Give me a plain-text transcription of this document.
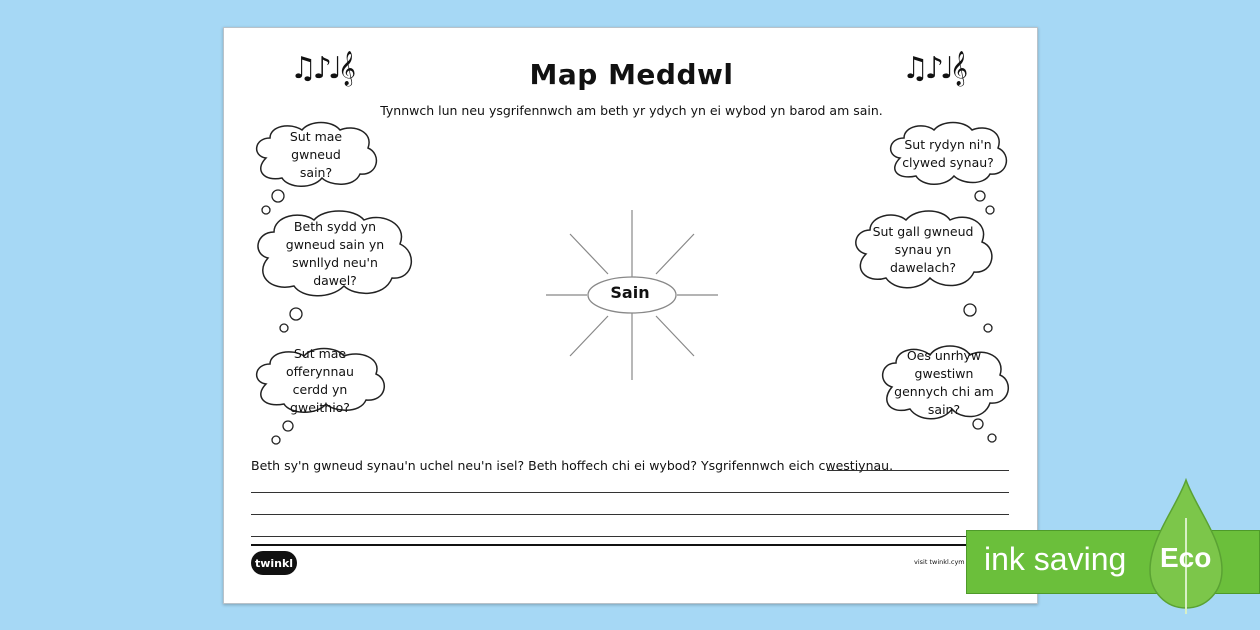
♫♪♩𝄞	♫♪♩𝄞
Map Meddwl
Tynnwch lun neu ysgrifennwch am beth yr ydych yn ei wybod yn barod am sain.
Sut mae gwneud sain?
Beth sydd yn gwneud sain yn swnllyd neu'n dawel?
Sut mae offerynnau cerdd yn gweithio?
Sut rydyn ni'n clywed synau?
Sut gall gwneud synau yn dawelach?
Oes unrhyw gwestiwn gennych chi am sain?
Sain
Beth sy'n gwneud synau'n uchel neu'n isel? Beth hoffech chi ei wybod? Ysgrifennwch eich cwestiynau.
twinkl	visit twinkl.cym ink saving Eco
